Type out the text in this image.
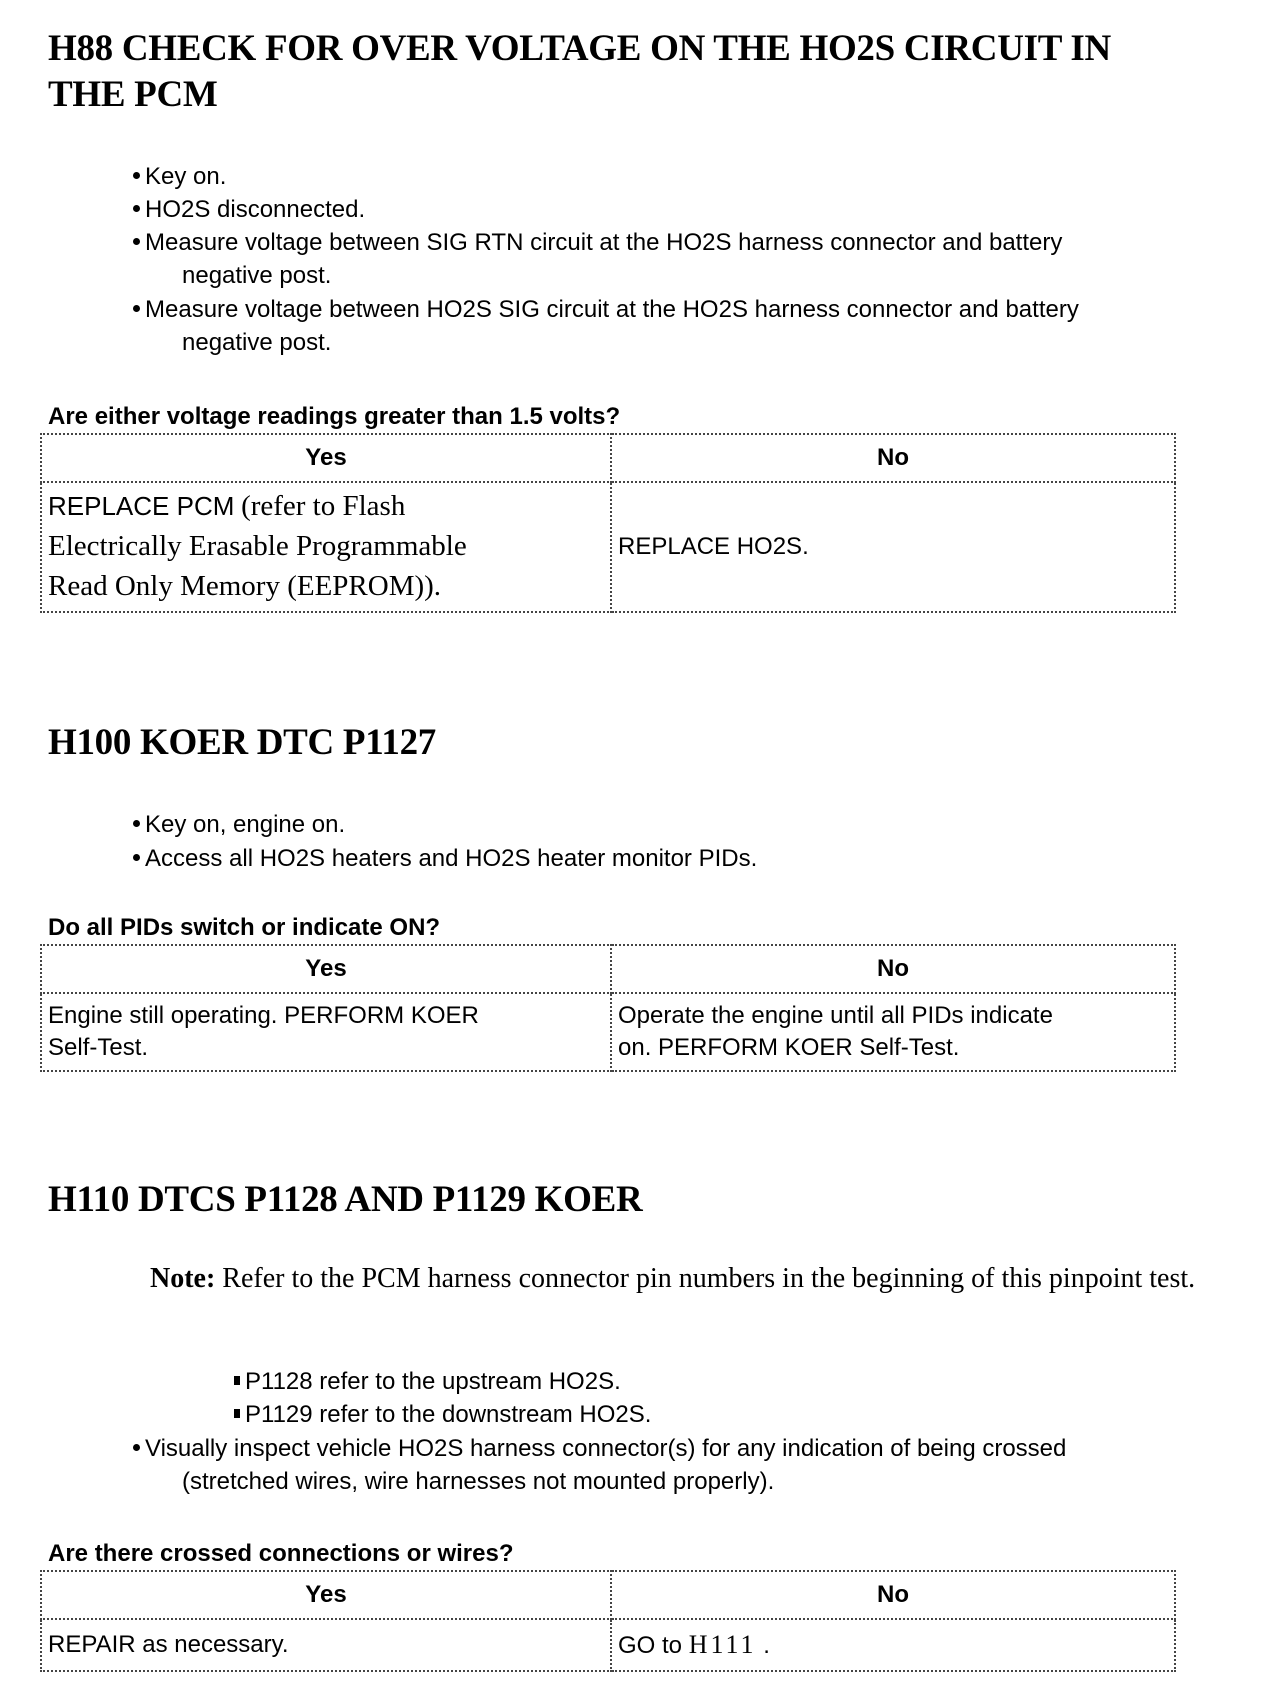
H88 CHECK FOR OVER VOLTAGE ON THE HO2S CIRCUIT IN
THE PCM
Key on.
HO2S disconnected.
Measure voltage between SIG RTN circuit at the HO2S harness connector and battery
negative post.
Measure voltage between HO2S SIG circuit at the HO2S harness connector and battery
negative post.
Are either voltage readings greater than 1.5 volts?
Yes	No
REPLACE PCM (refer to Flash
Electrically Erasable Programmable
Read Only Memory (EEPROM)).	REPLACE HO2S.
H100 KOER DTC P1127
Key on, engine on.
Access all HO2S heaters and HO2S heater monitor PIDs.
Do all PIDs switch or indicate ON?
Yes	No
Engine still operating. PERFORM KOER
Self-Test.	Operate the engine until all PIDs indicate
on. PERFORM KOER Self-Test.
H110 DTCS P1128 AND P1129 KOER
Note: Refer to the PCM harness connector pin numbers in the beginning of this pinpoint test.
P1128 refer to the upstream HO2S.
P1129 refer to the downstream HO2S.
Visually inspect vehicle HO2S harness connector(s) for any indication of being crossed
(stretched wires, wire harnesses not mounted properly).
Are there crossed connections or wires?
Yes	No
REPAIR as necessary.	GO to H111 .
